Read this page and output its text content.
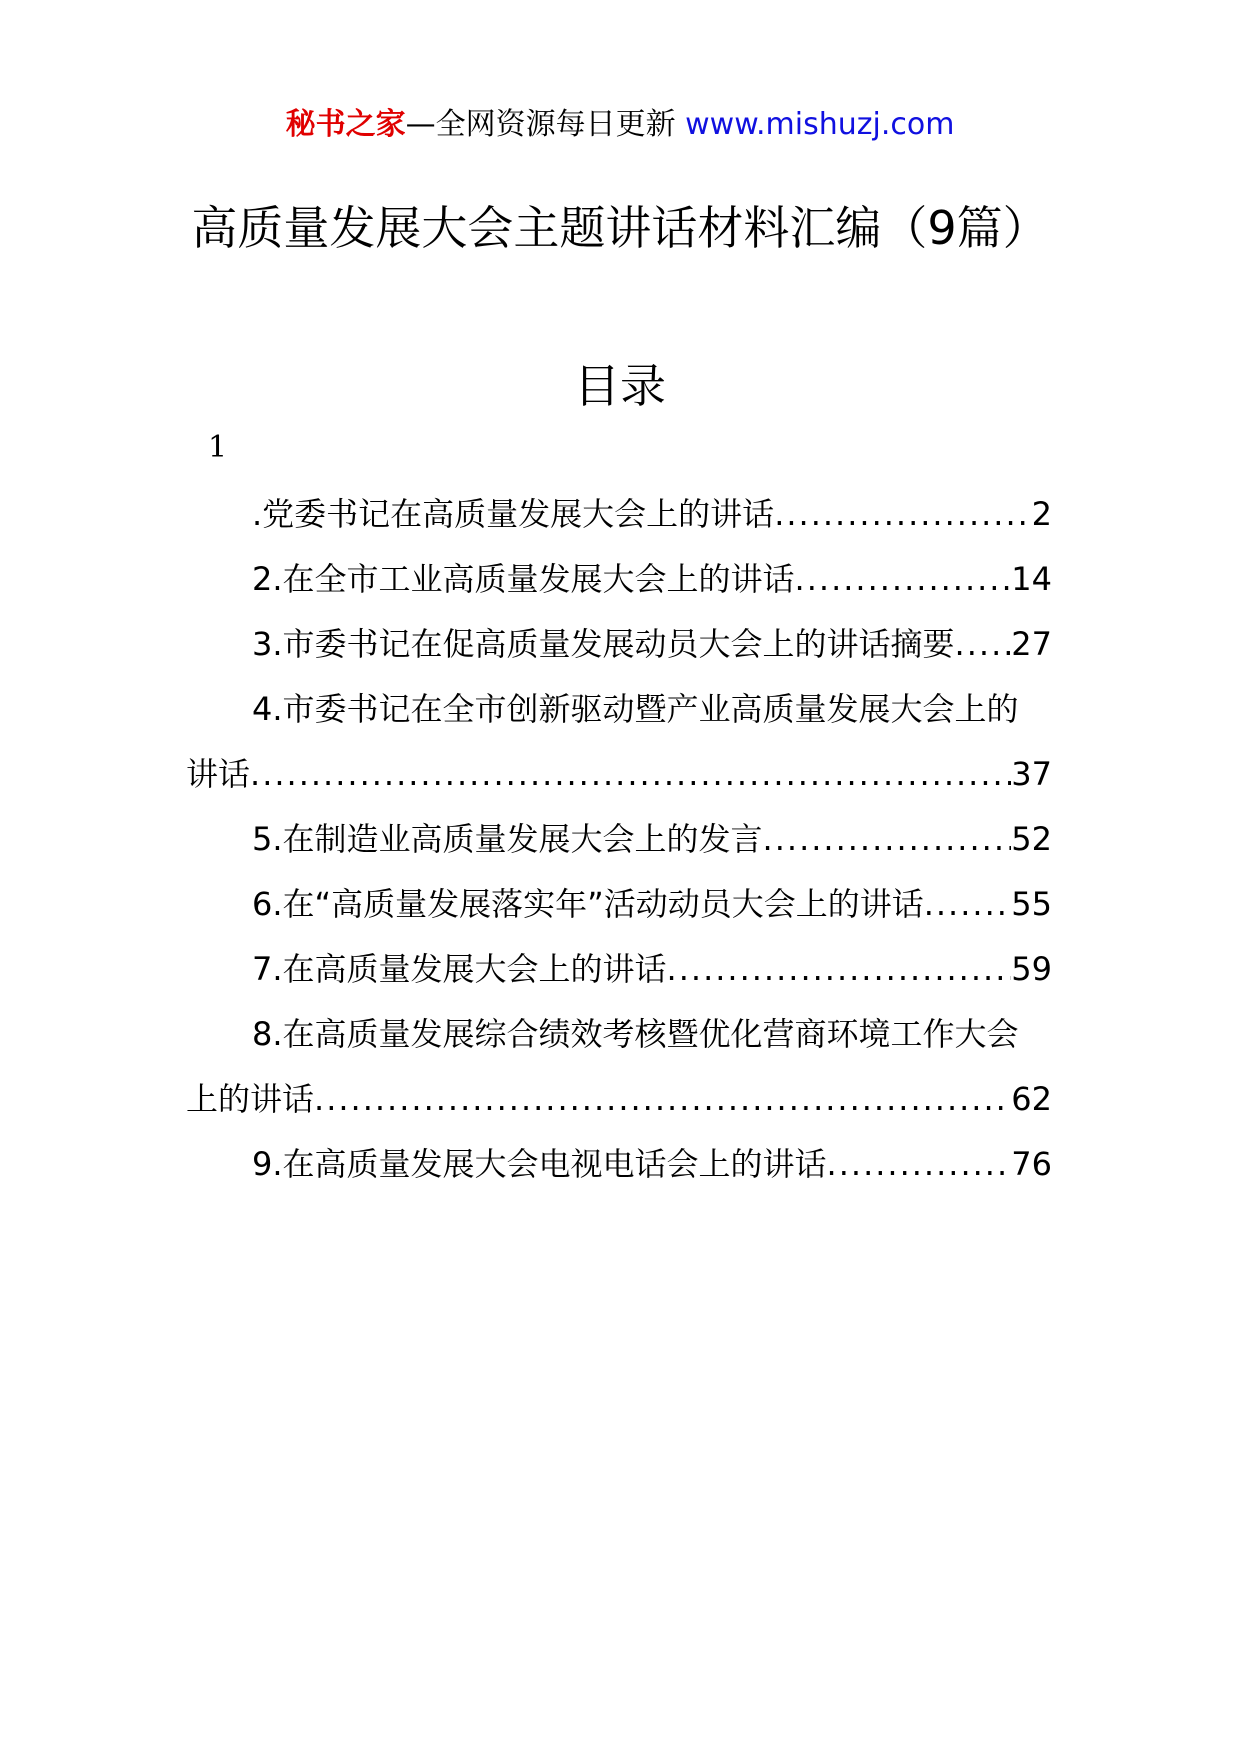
秘书之家—全网资源每日更新 www.mishuzj.com
高质量发展大会主题讲话材料汇编（9篇）
目录
1
.党委书记在高质量发展大会上的讲话 .....	2
2.在全市工业高质量发展大会上的讲话 .....	14
3.市委书记在促高质量发展动员大会上的讲话摘要 ..... 27
4.市委书记在全市创新驱动暨产业高质量发展大会上的
讲话 .....	37
5.在制造业高质量发展大会上的发言 .....	52
6.在“高质量发展落实年”活动动员大会上的讲话 .....	55
7.在高质量发展大会上的讲话 .....	59
8.在高质量发展综合绩效考核暨优化营商环境工作大会
上的讲话 .....	62
9.在高质量发展大会电视电话会上的讲话 .....	76
